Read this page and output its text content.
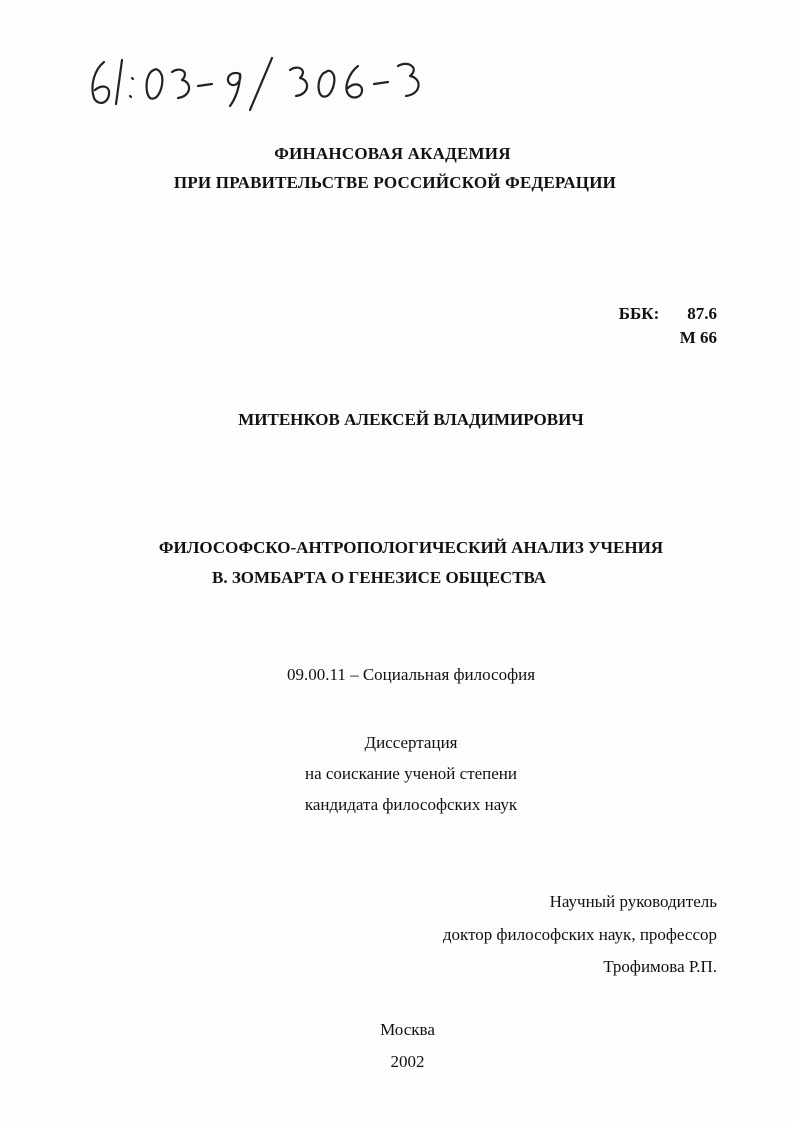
ФИНАНСОВАЯ АКАДЕМИЯ
ПРИ ПРАВИТЕЛЬСТВЕ РОССИЙСКОЙ ФЕДЕРАЦИИ
ББК: 87.6
М 66
МИТЕНКОВ АЛЕКСЕЙ ВЛАДИМИРОВИЧ
ФИЛОСОФСКО-АНТРОПОЛОГИЧЕСКИЙ АНАЛИЗ УЧЕНИЯ
В. ЗОМБАРТА О ГЕНЕЗИСЕ ОБЩЕСТВА
09.00.11 – Социальная философия
Диссертация
на соискание ученой степени
кандидата философских наук
Научный руководитель
доктор философских наук, профессор
Трофимова Р.П.
Москва
2002
